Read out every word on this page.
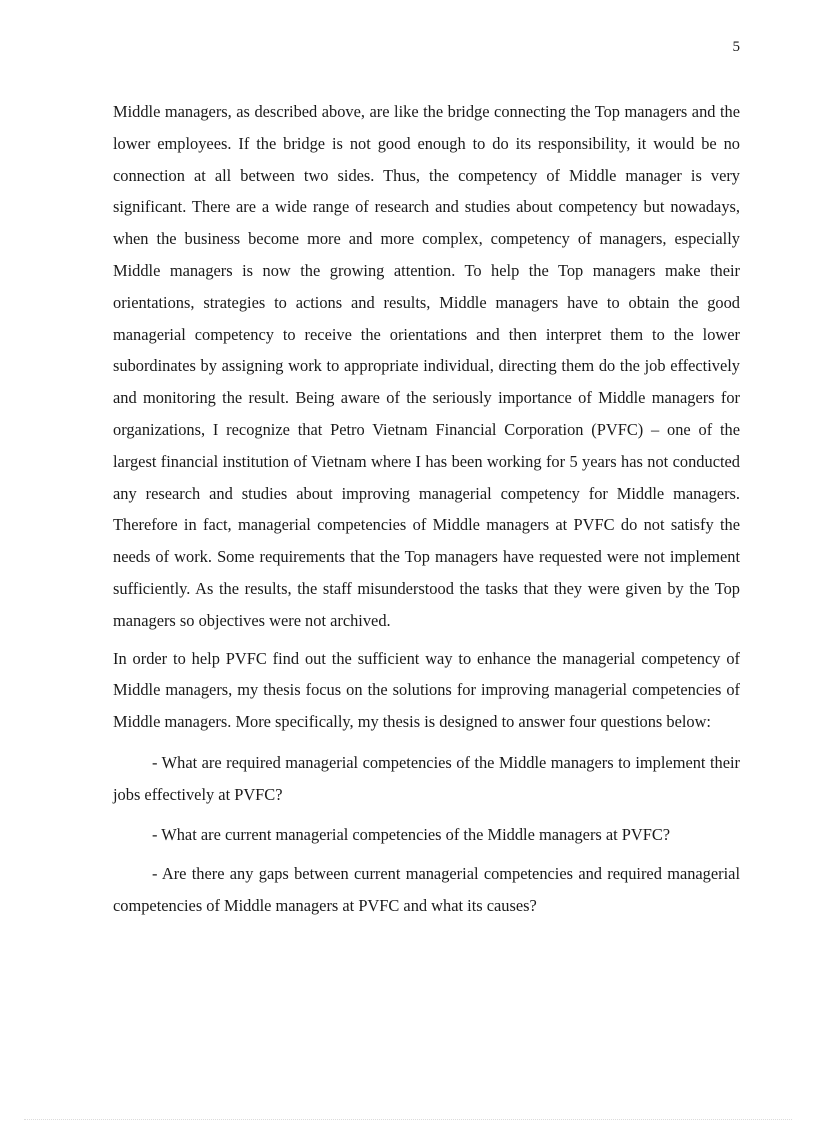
5

Middle managers, as described above, are like the bridge connecting the Top managers and the lower employees. If the bridge is not good enough to do its responsibility, it would be no connection at all between two sides. Thus, the competency of Middle manager is very significant. There are a wide range of research and studies about competency but nowadays, when the business become more and more complex, competency of managers, especially Middle managers is now the growing attention. To help the Top managers make their orientations, strategies to actions and results, Middle managers have to obtain the good managerial competency to receive the orientations and then interpret them to the lower subordinates by assigning work to appropriate individual, directing them do the job effectively and monitoring the result. Being aware of the seriously importance of Middle managers for organizations, I recognize that Petro Vietnam Financial Corporation (PVFC) – one of the largest financial institution of Vietnam where I has been working for 5 years has not conducted any research and studies about improving managerial competency for Middle managers. Therefore in fact, managerial competencies of Middle managers at PVFC do not satisfy the needs of work. Some requirements that the Top managers have requested were not implement sufficiently. As the results, the staff misunderstood the tasks that they were given by the Top managers so objectives were not archived.

In order to help PVFC find out the sufficient way to enhance the managerial competency of Middle managers, my thesis focus on the solutions for improving managerial competencies of Middle managers. More specifically, my thesis is designed to answer four questions below:

- What are required managerial competencies of the Middle managers to implement their jobs effectively at PVFC?
- What are current managerial competencies of the Middle managers at PVFC?
- Are there any gaps between current managerial competencies and required managerial competencies of Middle managers at PVFC and what its causes?
